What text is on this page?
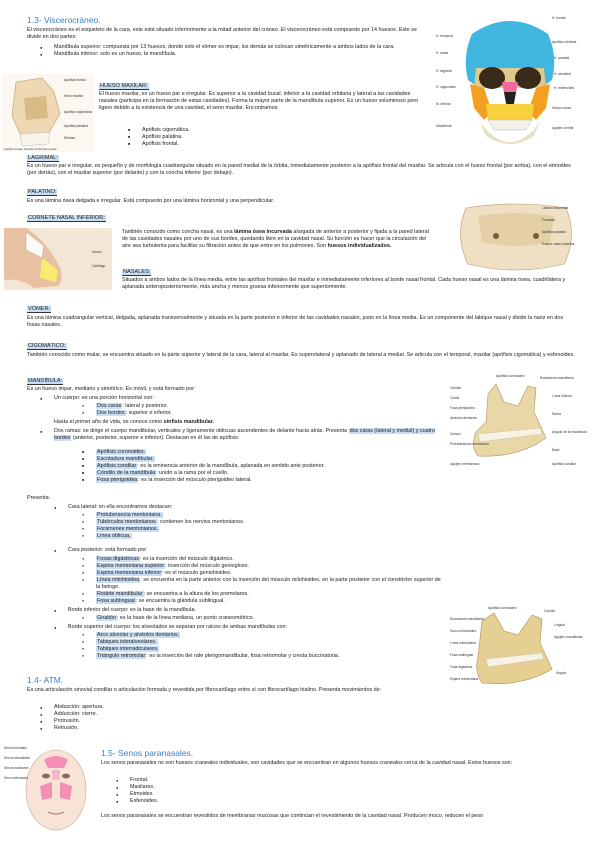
1.3- Viscerocráneo.
El viscerocráneo es el esqueleto de la cara, este está situado inferiormente a la mitad anterior del cráneo. El viscerocráneo está compuesto por 14 huesos. Este se divide en dos partes:
● Mandíbula superior: compuesta por 13 huesos, donde solo el vómer es impar, los demás se colocan simétricamente a ambos lados de la cara.
● Mandíbula inferior: solo es un hueso, la mandíbula.
H. temporal
H. nasal
H. lagrimal
H. cigomático
M. inferior
Mandíbula
H. frontal
Apófisis orbitaria
H. parietal
H. etmoidal
H. esfenoides
Hueso vómer
Agujero dental
Apófisis frontal
Seno maxilar
Apófisis cigomática
Apófisis palatina
Dientes
Apófisis frontal, Sección frontal del maxilar
HUESO MAXILAR:
El hueso maxilar, es un hueso par e irregular. Es superior a la cavidad bucal, inferior a la cavidad orbitaria y lateral a las cavidades nasales (participa en la formación de estas cavidades). Forma la mayor parte de la mandíbula superior. Es un hueso voluminoso pero ligero debido a la existencia de una cavidad, el seno maxilar. Encontramos:
■ Apófisis cigomática.
■ Apófisis palatina.
■ Apófisis frontal.
LAGRIMAL:
Es un hueso par e irregular, es pequeño y de morfología cuadrangular situado en la pared medial de la órbita, inmediatamente posterior a la apófisis frontal del maxilar. Se articula con el hueso frontal (por arriba), con el etmoides (por detrás), con el maxilar superior (por delante) y con la concha inferior (por debajo).
PALATINO:
Es una lámina ósea delgada e irregular. Está compuesto por una lámina horizontal y una perpendicular.
CORNETE NASAL INFERIOR:
Hueso
Cartílago
También conocido como concha nasal, es una lámina ósea incurvada alargada de anterior a posterior y fijada a la pared lateral de las cavidades nasales por uno de sus bordes, quedando libre en la cavidad nasal. Su función es hacer que la circulación del aire sea turbulenta para facilitar su filtración antes de que entre en los pulmones. Son huesos individualizados.
Lámina horizontal
Foramen
Apófisis palatina
Espina nasal posterior
NASALES:
Situados a ambos lados de la línea media, entre las apófisis frontales del maxilar e inmediatamente inferiores al borde nasal frontal. Cada hueso nasal es una lámina ósea, cuadrilátera y aplanada anteroposteriormente, más ancha y menos gruesa inferiormente que superiormente.
VÓMER:
Es una lámina cuadrangular vertical, delgada, aplanada transversalmente y situada en la parte posterior e inferior de las cavidades nasales, justo en la línea media. Es un componente del tabique nasal y divide la nariz en dos fosas nasales.
CIGOMÁTICO:
También conocido como malar, se encuentra situado en la parte superior y lateral de la cara, lateral al maxilar. Es superolateral y aplanado de lateral a medial. Se articula con el temporal, maxilar (apófisis cigomática) y esfenoides.
MANDÍBULA:
Es un hueso impar, mediano y simétrico. Es móvil, y está formado por:
● Un cuerpo: es una porción horizontal con:
● Dos caras: lateral y posterior.
● Dos bordes: superior e inferior.
Hasta el primer año de vida, se conoce como sínfisis mandibular.
● Dos ramas: se dirige el cuerpo mandibular, verticales y ligeramente oblicuas ascendentes de delante hacia atrás. Presenta dos caras (lateral y medial) y cuatro bordes (anterior, posterior, superior e inferior). Destacan en él las de apófisis:
■ Apófisis coronoides.
■ Escotadura mandibular.
■ Apófisis condilar: es la eminencia anterior de la mandíbula, aplanada en sentido ante posterior.
■ Cóndilo de la mandíbula: unido a la rama por el cuello.
■ Fosa pterigoidea: es la inserción del músculo pterigoideo lateral.
Apófisis coronoides	Escotadura mandibular
Cóndilo
Cuello
Rama
Ángulo de la mandíbula
Base
Agujero mentoniano
Protuberancia mentoniana
Cuerpo
Alvéolos dentarios
Línea oblicua
Fosa pterigoidea
Apófisis condilar
Presenta:
● Cara lateral: en ella encontramos destacan:
● Protuberancia mentoniana.
● Tubérculos mentonianos: contienen los nervios mentonianos.
● Forámenes mentonianos.
● Línea oblicua.
● Cara posterior: está formado por:
● Fosas digástricas: es la inserción del músculo digástrico.
● Espina mentoniana superior: inserción del músculo geniogloso.
● Espina mentoniana inferior: es el músculo geniohioideo.
● Línea milohioidea: se encuentra en la parte anterior con la inserción del músculo milohioideo, en la parte posterior con el constrictor superior de la faringe.
● Rodete mandibular: se encuentra a la altura de los premolares.
● Fosa sublingual: se encuentra la glándula sublingual.
● Borde inferior del cuerpo: es la base de la mandíbula.
● Gnatión: es la base de la línea mediana, un punto craneométrico.
● Borde superior del cuerpo: los alveolados se separan por raíces de ambas mandíbulas con:
● Arco alveolar y alvéolos dentarios.
● Tabiques interalveolares.
● Tabiques interradiculares.
● Triángulo retromolar: es la inserción del rafe pterigomandibular, fosa retromolar y cresta buccinatoria.
Apófisis coronoides
Cóndilo
Escotadura mandibular
Língula
Agujero mandibular
Surco milohioideo
Línea milohioidea
Fosa sublingual
Fosa digástrica
Espina mentoniana
Ángulo
1.4- ATM.
Es una articulación sinovial condilar o articulación formada y revestida por fibrocartílago entre sí con fibrocartílago hialino. Presenta movimientos de:
● Abducción: apertura.
● Adducción: cierre.
● Protrusión.
● Retrusión.
Senos frontales
Senos etmoidales
Senos maxilares
Seno esfenoidal
1.5- Senos paranasales.
Los senos paranasales no son huesos craneales individuales, son cavidades que se encuentran en algunos huesos craneales cerca de la cavidad nasal. Estos huesos son:
● Frontal.
● Maxilares.
● Etmoides.
● Esfenoides.
Los senos paranasales se encuentran revestidos de membranas mucosas que continúan el revestimiento de la cavidad nasal. Producen moco, reducen el peso
